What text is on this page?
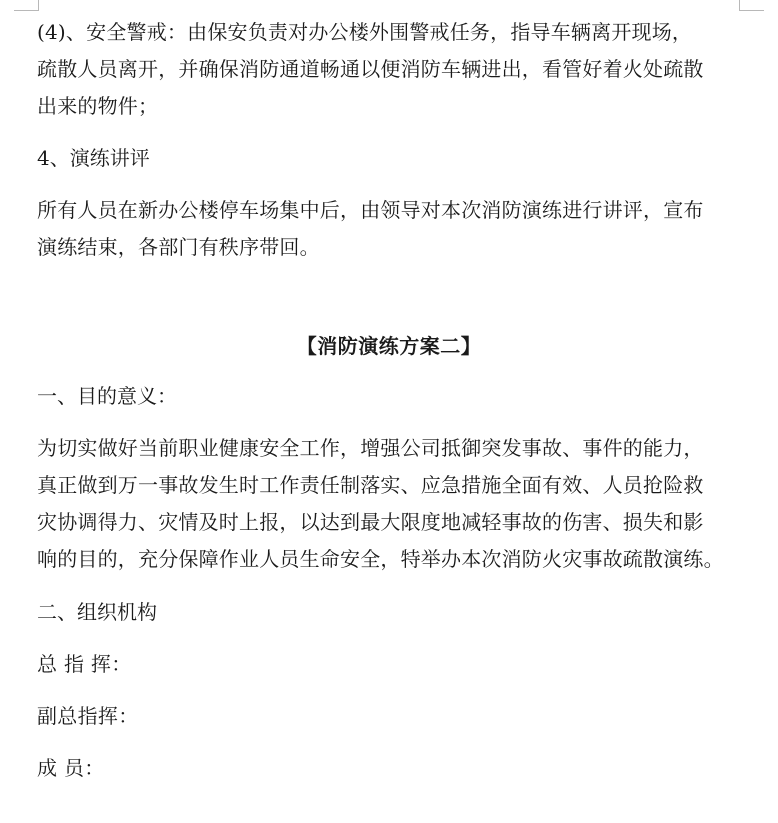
(4)、安全警戒：由保安负责对办公楼外围警戒任务，指导车辆离开现场，
疏散人员离开，并确保消防通道畅通以便消防车辆进出，看管好着火处疏散
出来的物件；
4、演练讲评
所有人员在新办公楼停车场集中后，由领导对本次消防演练进行讲评，宣布
演练结束，各部门有秩序带回。
【消防演练方案二】
一、目的意义：
为切实做好当前职业健康安全工作，增强公司抵御突发事故、事件的能力，
真正做到万一事故发生时工作责任制落实、应急措施全面有效、人员抢险救
灾协调得力、灾情及时上报，以达到最大限度地减轻事故的伤害、损失和影
响的目的，充分保障作业人员生命安全，特举办本次消防火灾事故疏散演练。
二、组织机构
总 指 挥：
副总指挥：
成 员：
